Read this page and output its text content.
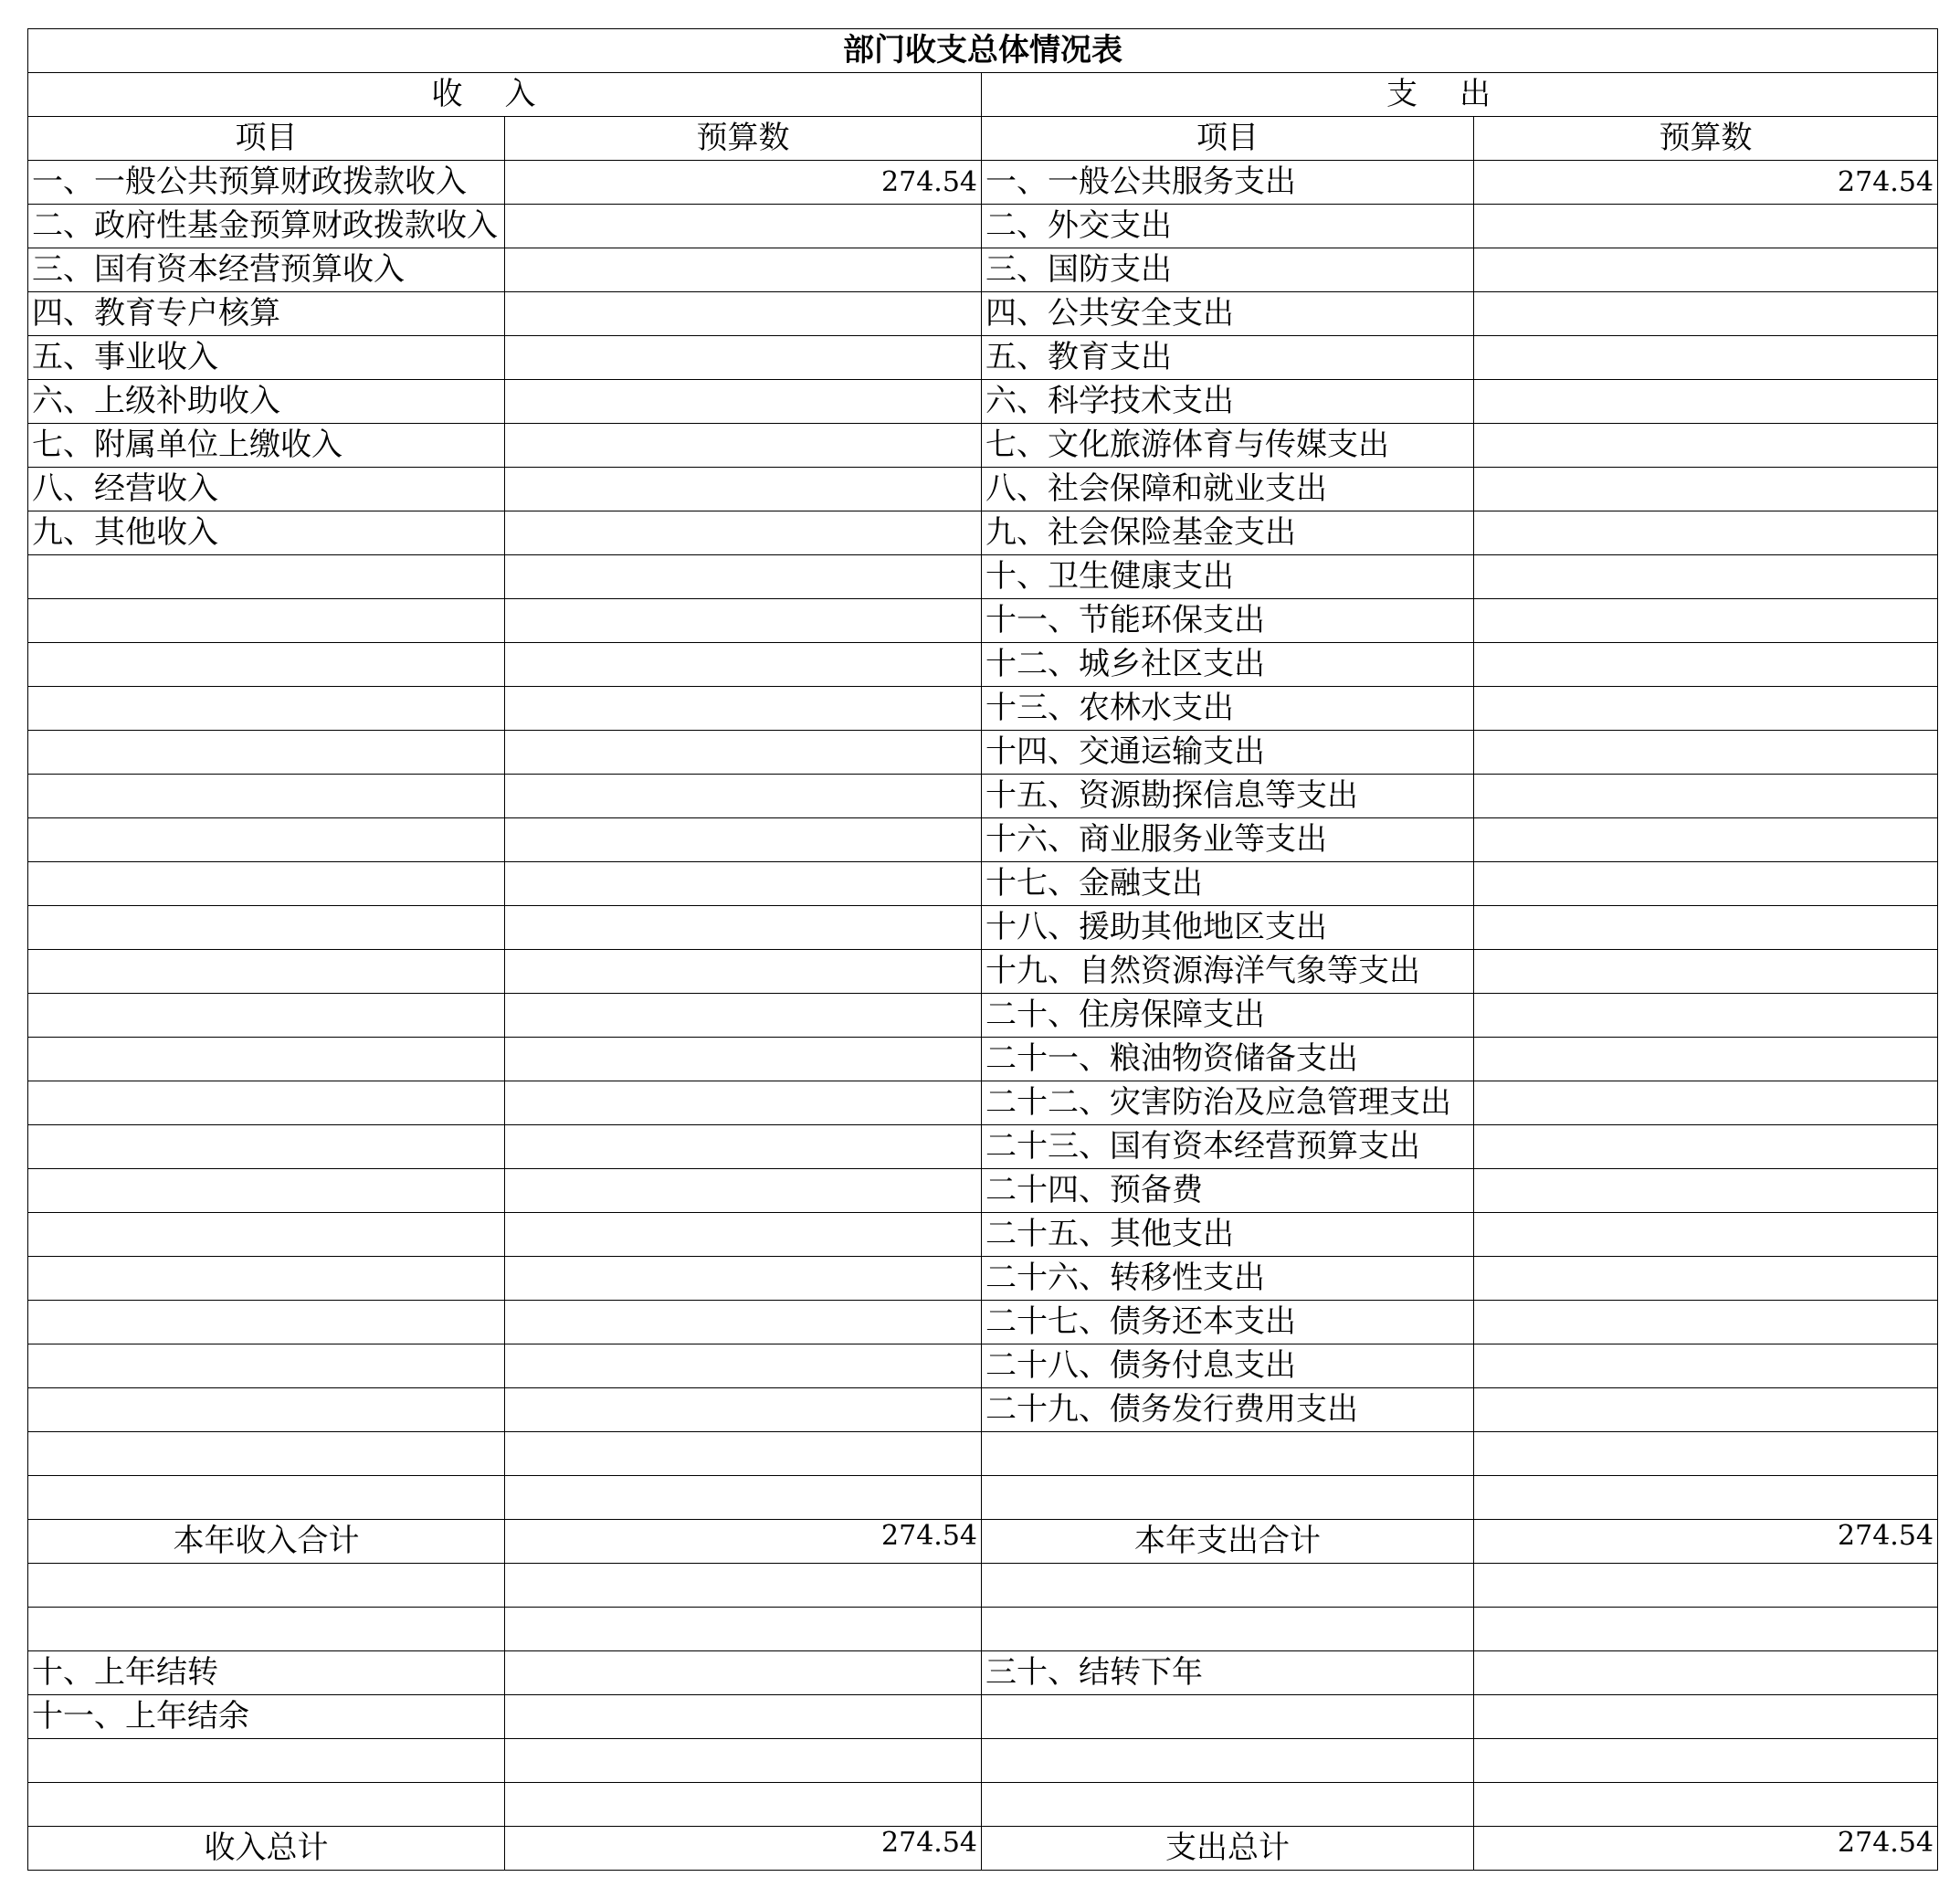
部门收支总体情况表			
收入		支出	
项目	预算数	项目	预算数
一、一般公共预算财政拨款收入	274.54	一、一般公共服务支出	274.54
二、政府性基金预算财政拨款收入		二、外交支出	
三、国有资本经营预算收入		三、国防支出	
四、教育专户核算		四、公共安全支出	
五、事业收入		五、教育支出	
六、上级补助收入		六、科学技术支出	
七、附属单位上缴收入		七、文化旅游体育与传媒支出	
八、经营收入		八、社会保障和就业支出	
九、其他收入		九、社会保险基金支出	
		十、卫生健康支出	
		十一、节能环保支出	
		十二、城乡社区支出	
		十三、农林水支出	
		十四、交通运输支出	
		十五、资源勘探信息等支出	
		十六、商业服务业等支出	
		十七、金融支出	
		十八、援助其他地区支出	
		十九、自然资源海洋气象等支出	
		二十、住房保障支出	
		二十一、粮油物资储备支出	
		二十二、灾害防治及应急管理支出	
		二十三、国有资本经营预算支出	
		二十四、预备费	
		二十五、其他支出	
		二十六、转移性支出	
		二十七、债务还本支出	
		二十八、债务付息支出	
		二十九、债务发行费用支出	

本年收入合计	274.54	本年支出合计	274.54

十、上年结转		三十、结转下年	
十一、上年结余			

收入总计	274.54	支出总计	274.54
